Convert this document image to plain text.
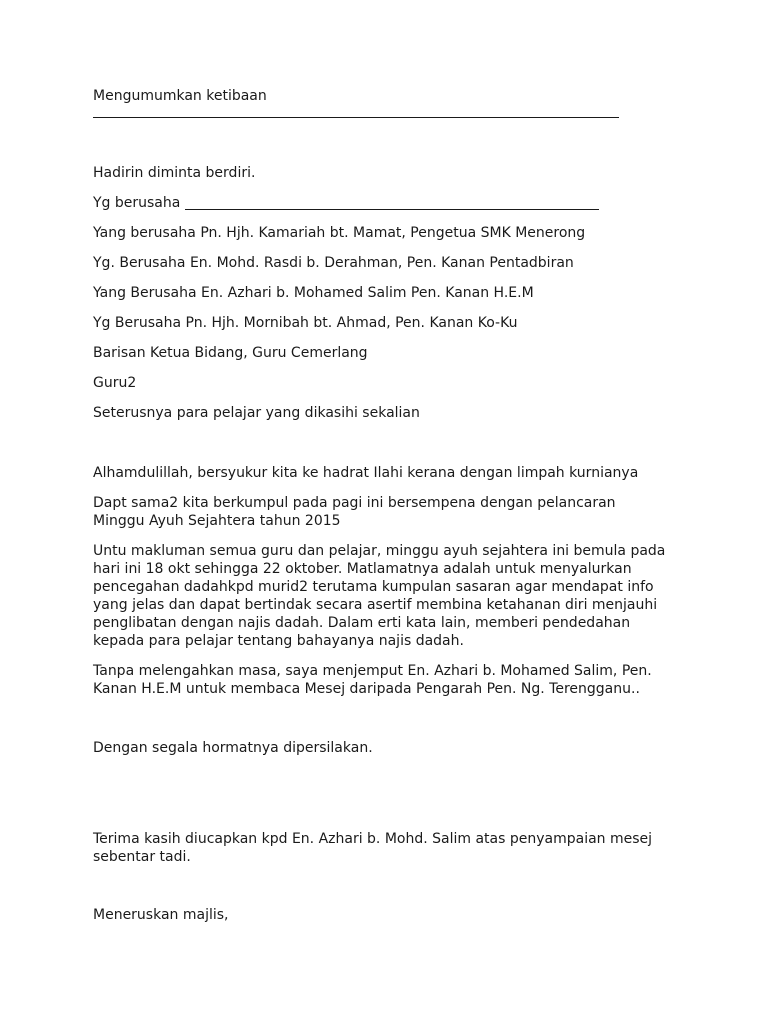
Mengumumkan ketibaan

Hadirin diminta berdiri.

Yg berusaha

Yang berusaha Pn. Hjh. Kamariah bt. Mamat, Pengetua SMK Menerong

Yg. Berusaha En. Mohd. Rasdi b. Derahman, Pen. Kanan Pentadbiran

Yang Berusaha En. Azhari b. Mohamed Salim Pen. Kanan H.E.M

Yg Berusaha Pn. Hjh. Mornibah bt. Ahmad, Pen. Kanan Ko-Ku

Barisan Ketua Bidang, Guru Cemerlang

Guru2

Seterusnya para pelajar yang dikasihi sekalian

Alhamdulillah, bersyukur kita ke hadrat Ilahi kerana dengan limpah kurnianya

Dapt sama2 kita berkumpul pada pagi ini bersempena dengan pelancaran

Minggu Ayuh Sejahtera tahun 2015

Untu makluman semua guru dan pelajar, minggu ayuh sejahtera ini bemula pada

hari ini 18 okt sehingga 22 oktober. Matlamatnya adalah untuk menyalurkan

pencegahan dadahkpd murid2 terutama kumpulan sasaran agar mendapat info

yang jelas dan dapat bertindak secara asertif membina ketahanan diri menjauhi

penglibatan dengan najis dadah. Dalam erti kata lain, memberi pendedahan

kepada para pelajar tentang bahayanya najis dadah.

Tanpa melengahkan masa, saya menjemput En. Azhari b. Mohamed Salim, Pen.

Kanan H.E.M untuk membaca Mesej daripada Pengarah Pen. Ng. Terengganu..

Dengan segala hormatnya dipersilakan.

Terima kasih diucapkan kpd En. Azhari b. Mohd. Salim atas penyampaian mesej

sebentar tadi.

Meneruskan majlis,
